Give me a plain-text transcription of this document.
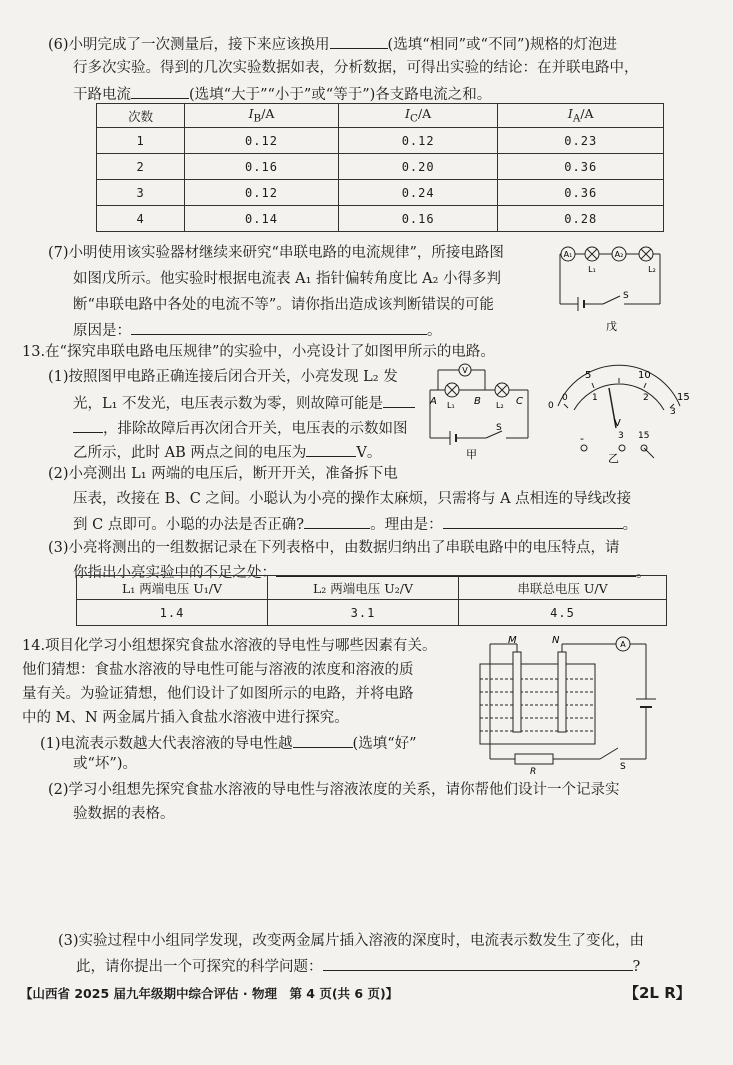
(6)小明完成了一次测量后，接下来应该换用	(选填“相同”或“不同”)规格的灯泡进

行多次实验。得到的几次实验数据如表，分析数据，可得出实验的结论：在并联电路中，

干路电流	(选填“大于”“小于”或“等于”)各支路电流之和。

次数	$I_B/A$	$I_C/A$	$I_A/A$
1	0.12	0.12	0.23
2	0.16	0.20	0.36
3	0.12	0.24	0.36
4	0.14	0.16	0.28

(7)小明使用该实验器材继续来研究“串联电路的电流规律”，所接电路图

如图戊所示。他实验时根据电流表 A₁ 指针偏转角度比 A₂ 小得多判

断“串联电路中各处的电流不等”。请你指出造成该判断错误的可能

原因是：	。

A₁
L₁
A₂
L₂
S
戊

13.在“探究串联电路电压规律”的实验中，小亮设计了如图甲所示的电路。

(1)按照图甲电路正确连接后闭合开关，小亮发现 L₂ 发

光，L₁ 不发光，电压表示数为零，则故障可能是

，排除故障后再次闭合开关，电压表的示数如图

乙所示，此时 AB 两点之间的电压为	V。

(2)小亮测出 L₁ 两端的电压后，断开开关，准备拆下电

压表，改接在 B、C 之间。小聪认为小亮的操作太麻烦，只需将与 A 点相连的导线改接

到 C 点即可。小聪的办法是否正确?	。理由是：	。

(3)小亮将测出的一组数据记录在下列表格中，由数据归纳出了串联电路中的电压特点，请

你指出小亮实验中的不足之处：	。

L₁ 两端电压 U₁/V	L₂ 两端电压 U₂/V	串联总电压 U/V
1.4	3.1	4.5
V
A L₁ B L₂ C
S
甲
0
5	10
15
0
1	2
3
V
-	3 15
乙

14.项目化学习小组想探究食盐水溶液的导电性与哪些因素有关。

他们猜想：食盐水溶液的导电性可能与溶液的浓度和溶液的质

量有关。为验证猜想，他们设计了如图所示的电路，并将电路

中的 M、N 两金属片插入食盐水溶液中进行探究。

(1)电流表示数越大代表溶液的导电性越	(选填“好”

或“坏”)。

(2)学习小组想先探究食盐水溶液的导电性与溶液浓度的关系，请你帮他们设计一个记录实

验数据的表格。

(3)实验过程中小组同学发现，改变两金属片插入溶液的深度时，电流表示数发生了变化，由

此，请你提出一个可探究的科学问题：	?

A
M	N
R	S
【山西省 2025 届九年级期中综合评估 · 物理　第 4 页(共 6 页)】	【2L R】
